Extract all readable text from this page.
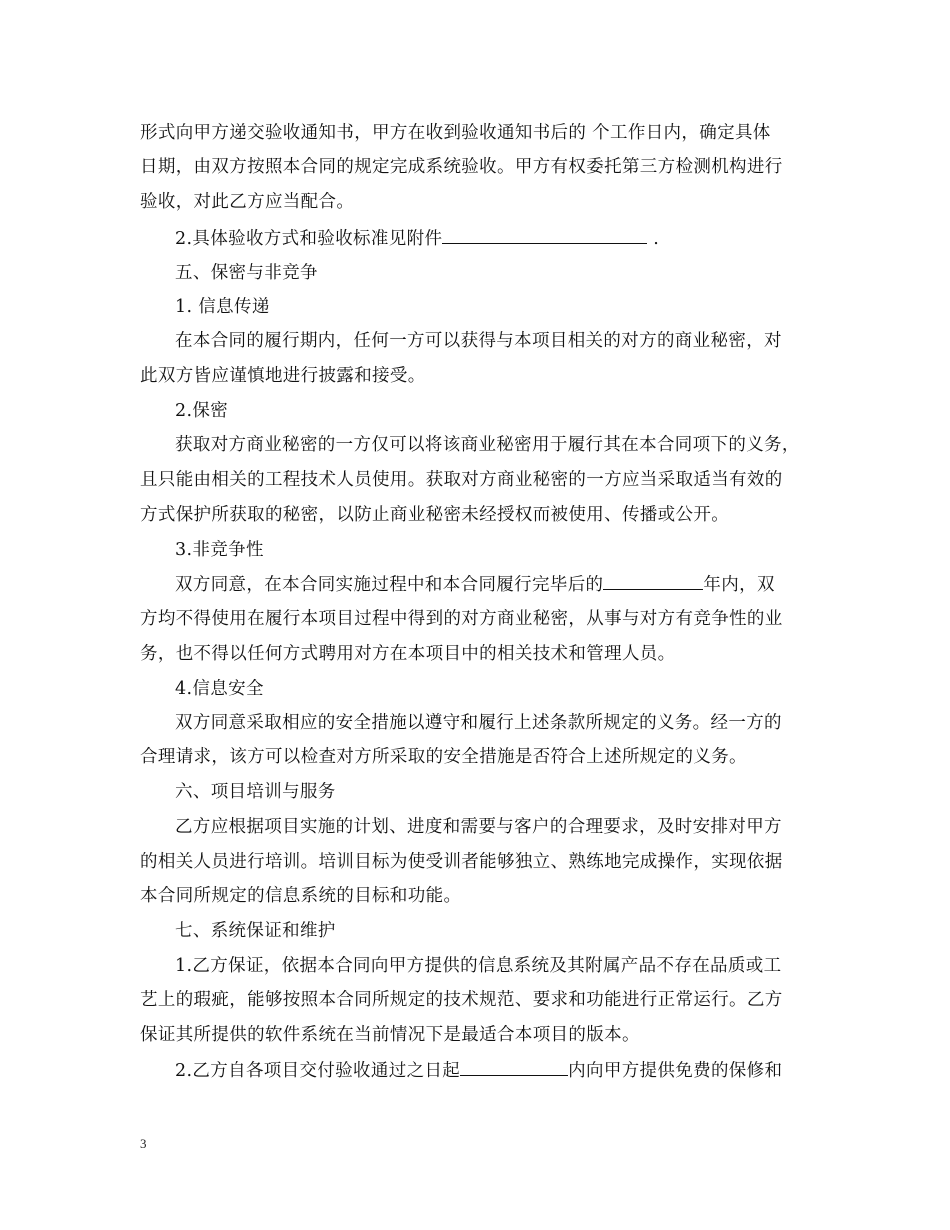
形式向甲方递交验收通知书，甲方在收到验收通知书后的 个工作日内，确定具体
日期，由双方按照本合同的规定完成系统验收。甲方有权委托第三方检测机构进行
验收，对此乙方应当配合。
2.具体验收方式和验收标准见附件	.
五、保密与非竞争
1. 信息传递
在本合同的履行期内，任何一方可以获得与本项目相关的对方的商业秘密，对
此双方皆应谨慎地进行披露和接受。
2.保密
获取对方商业秘密的一方仅可以将该商业秘密用于履行其在本合同项下的义务，
且只能由相关的工程技术人员使用。获取对方商业秘密的一方应当采取适当有效的
方式保护所获取的秘密，以防止商业秘密未经授权而被使用、传播或公开。
3.非竞争性
双方同意，在本合同实施过程中和本合同履行完毕后的	年内，双
方均不得使用在履行本项目过程中得到的对方商业秘密，从事与对方有竞争性的业
务，也不得以任何方式聘用对方在本项目中的相关技术和管理人员。
4.信息安全
双方同意采取相应的安全措施以遵守和履行上述条款所规定的义务。经一方的
合理请求，该方可以检查对方所采取的安全措施是否符合上述所规定的义务。
六、项目培训与服务
乙方应根据项目实施的计划、进度和需要与客户的合理要求，及时安排对甲方
的相关人员进行培训。培训目标为使受训者能够独立、熟练地完成操作，实现依据
本合同所规定的信息系统的目标和功能。
七、系统保证和维护
1.乙方保证，依据本合同向甲方提供的信息系统及其附属产品不存在品质或工
艺上的瑕疵，能够按照本合同所规定的技术规范、要求和功能进行正常运行。乙方
保证其所提供的软件系统在当前情况下是最适合本项目的版本。
2.乙方自各项目交付验收通过之日起	内向甲方提供免费的保修和
3
